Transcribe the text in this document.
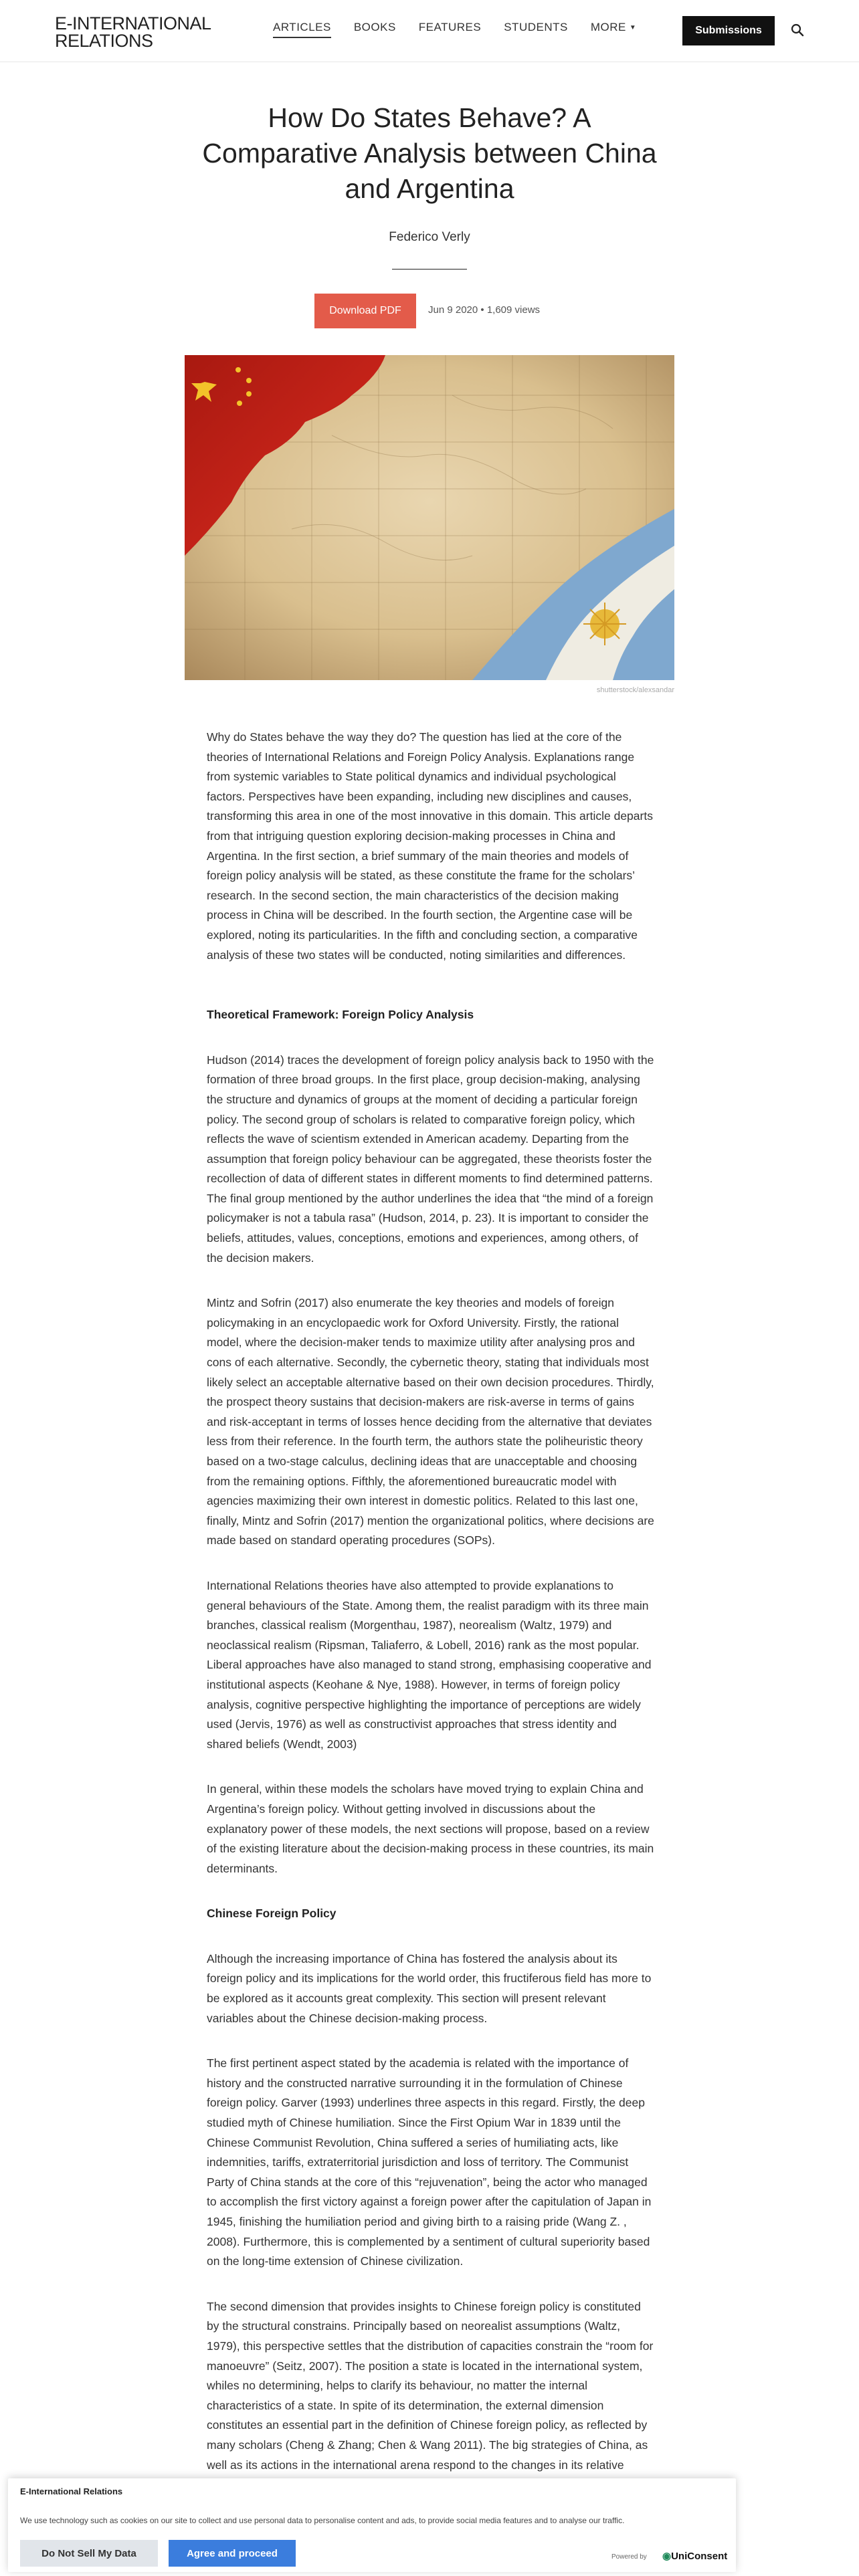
E-INTERNATIONAL
RELATIONS
ARTICLES BOOKS FEATURES STUDENTS MORE ▼	Submissions
How Do States Behave? A Comparative Analysis between China and Argentina
Federico Verly
Download PDF	Jun 9 2020 • 1,609 views
shutterstock/alexsandar

Why do States behave the way they do? The question has lied at the core of the theories of International Relations and Foreign Policy Analysis. Explanations range from systemic variables to State political dynamics and individual psychological factors. Perspectives have been expanding, including new disciplines and causes, transforming this area in one of the most innovative in this domain. This article departs from that intriguing question exploring decision-making processes in China and Argentina. In the first section, a brief summary of the main theories and models of foreign policy analysis will be stated, as these constitute the frame for the scholars’ research. In the second section, the main characteristics of the decision making process in China will be described. In the fourth section, the Argentine case will be explored, noting its particularities. In the fifth and concluding section, a comparative analysis of these two states will be conducted, noting similarities and differences.

Theoretical Framework: Foreign Policy Analysis

Hudson (2014) traces the development of foreign policy analysis back to 1950 with the formation of three broad groups. In the first place, group decision-making, analysing the structure and dynamics of groups at the moment of deciding a particular foreign policy. The second group of scholars is related to comparative foreign policy, which reflects the wave of scientism extended in American academy. Departing from the assumption that foreign policy behaviour can be aggregated, these theorists foster the recollection of data of different states in different moments to find determined patterns. The final group mentioned by the author underlines the idea that “the mind of a foreign policymaker is not a tabula rasa” (Hudson, 2014, p. 23). It is important to consider the beliefs, attitudes, values, conceptions, emotions and experiences, among others, of the decision makers.

Mintz and Sofrin (2017) also enumerate the key theories and models of foreign policymaking in an encyclopaedic work for Oxford University. Firstly, the rational model, where the decision-maker tends to maximize utility after analysing pros and cons of each alternative. Secondly, the cybernetic theory, stating that individuals most likely select an acceptable alternative based on their own decision procedures. Thirdly, the prospect theory sustains that decision-makers are risk-averse in terms of gains and risk-acceptant in terms of losses hence deciding from the alternative that deviates less from their reference. In the fourth term, the authors state the poliheuristic theory based on a two-stage calculus, declining ideas that are unacceptable and choosing from the remaining options. Fifthly, the aforementioned bureaucratic model with agencies maximizing their own interest in domestic politics. Related to this last one, finally, Mintz and Sofrin (2017) mention the organizational politics, where decisions are made based on standard operating procedures (SOPs).

International Relations theories have also attempted to provide explanations to general behaviours of the State. Among them, the realist paradigm with its three main branches, classical realism (Morgenthau, 1987), neorealism (Waltz, 1979) and neoclassical realism (Ripsman, Taliaferro, & Lobell, 2016) rank as the most popular. Liberal approaches have also managed to stand strong, emphasising cooperative and institutional aspects (Keohane & Nye, 1988). However, in terms of foreign policy analysis, cognitive perspective highlighting the importance of perceptions are widely used (Jervis, 1976) as well as constructivist approaches that stress identity and shared beliefs (Wendt, 2003)

In general, within these models the scholars have moved trying to explain China and Argentina’s foreign policy. Without getting involved in discussions about the explanatory power of these models, the next sections will propose, based on a review of the existing literature about the decision-making process in these countries, its main determinants.

Chinese Foreign Policy

Although the increasing importance of China has fostered the analysis about its foreign policy and its implications for the world order, this fructiferous field has more to be explored as it accounts great complexity. This section will present relevant variables about the Chinese decision-making process.

The first pertinent aspect stated by the academia is related with the importance of history and the constructed narrative surrounding it in the formulation of Chinese foreign policy. Garver (1993) underlines three aspects in this regard. Firstly, the deep studied myth of Chinese humiliation. Since the First Opium War in 1839 until the Chinese Communist Revolution, China suffered a series of humiliating acts, like indemnities, tariffs, extraterritorial jurisdiction and loss of territory. The Communist Party of China stands at the core of this “rejuvenation”, being the actor who managed to accomplish the first victory against a foreign power after the capitulation of Japan in 1945, finishing the humiliation period and giving birth to a raising pride (Wang Z. , 2008). Furthermore, this is complemented by a sentiment of cultural superiority based on the long-time extension of Chinese civilization.

The second dimension that provides insights to Chinese foreign policy is constituted by the structural constrains. Principally based on neorealist assumptions (Waltz, 1979), this perspective settles that the distribution of capacities constrain the “room for manoeuvre” (Seitz, 2007). The position a state is located in the international system, whiles no determining, helps to clarify its behaviour, no matter the internal characteristics of a state. In spite of its determination, the external dimension constitutes an essential part in the definition of Chinese foreign policy, as reflected by many scholars (Cheng & Zhang; Chen & Wang 2011). The big strategies of China, as well as its actions in the international arena respond to the changes in its relative

E-International Relations
We use technology such as cookies on our site to collect and use personal data to personalise content and ads, to provide social media features and to analyse our traffic.
Do Not Sell My Data	Agree and proceed	Powered by ◉UniConsent
